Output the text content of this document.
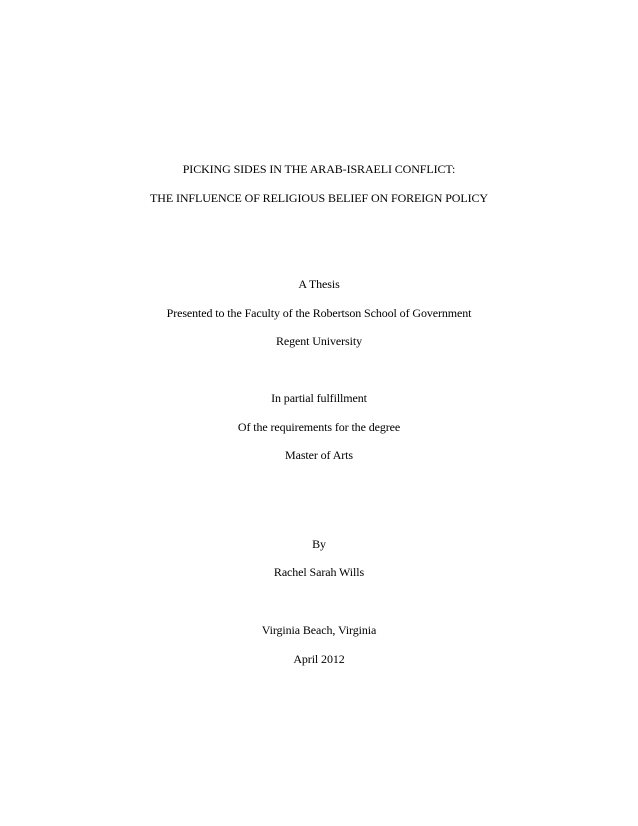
PICKING SIDES IN THE ARAB-ISRAELI CONFLICT:
THE INFLUENCE OF RELIGIOUS BELIEF ON FOREIGN POLICY
A Thesis
Presented to the Faculty of the Robertson School of Government
Regent University
In partial fulfillment
Of the requirements for the degree
Master of Arts
By
Rachel Sarah Wills
Virginia Beach, Virginia
April 2012
